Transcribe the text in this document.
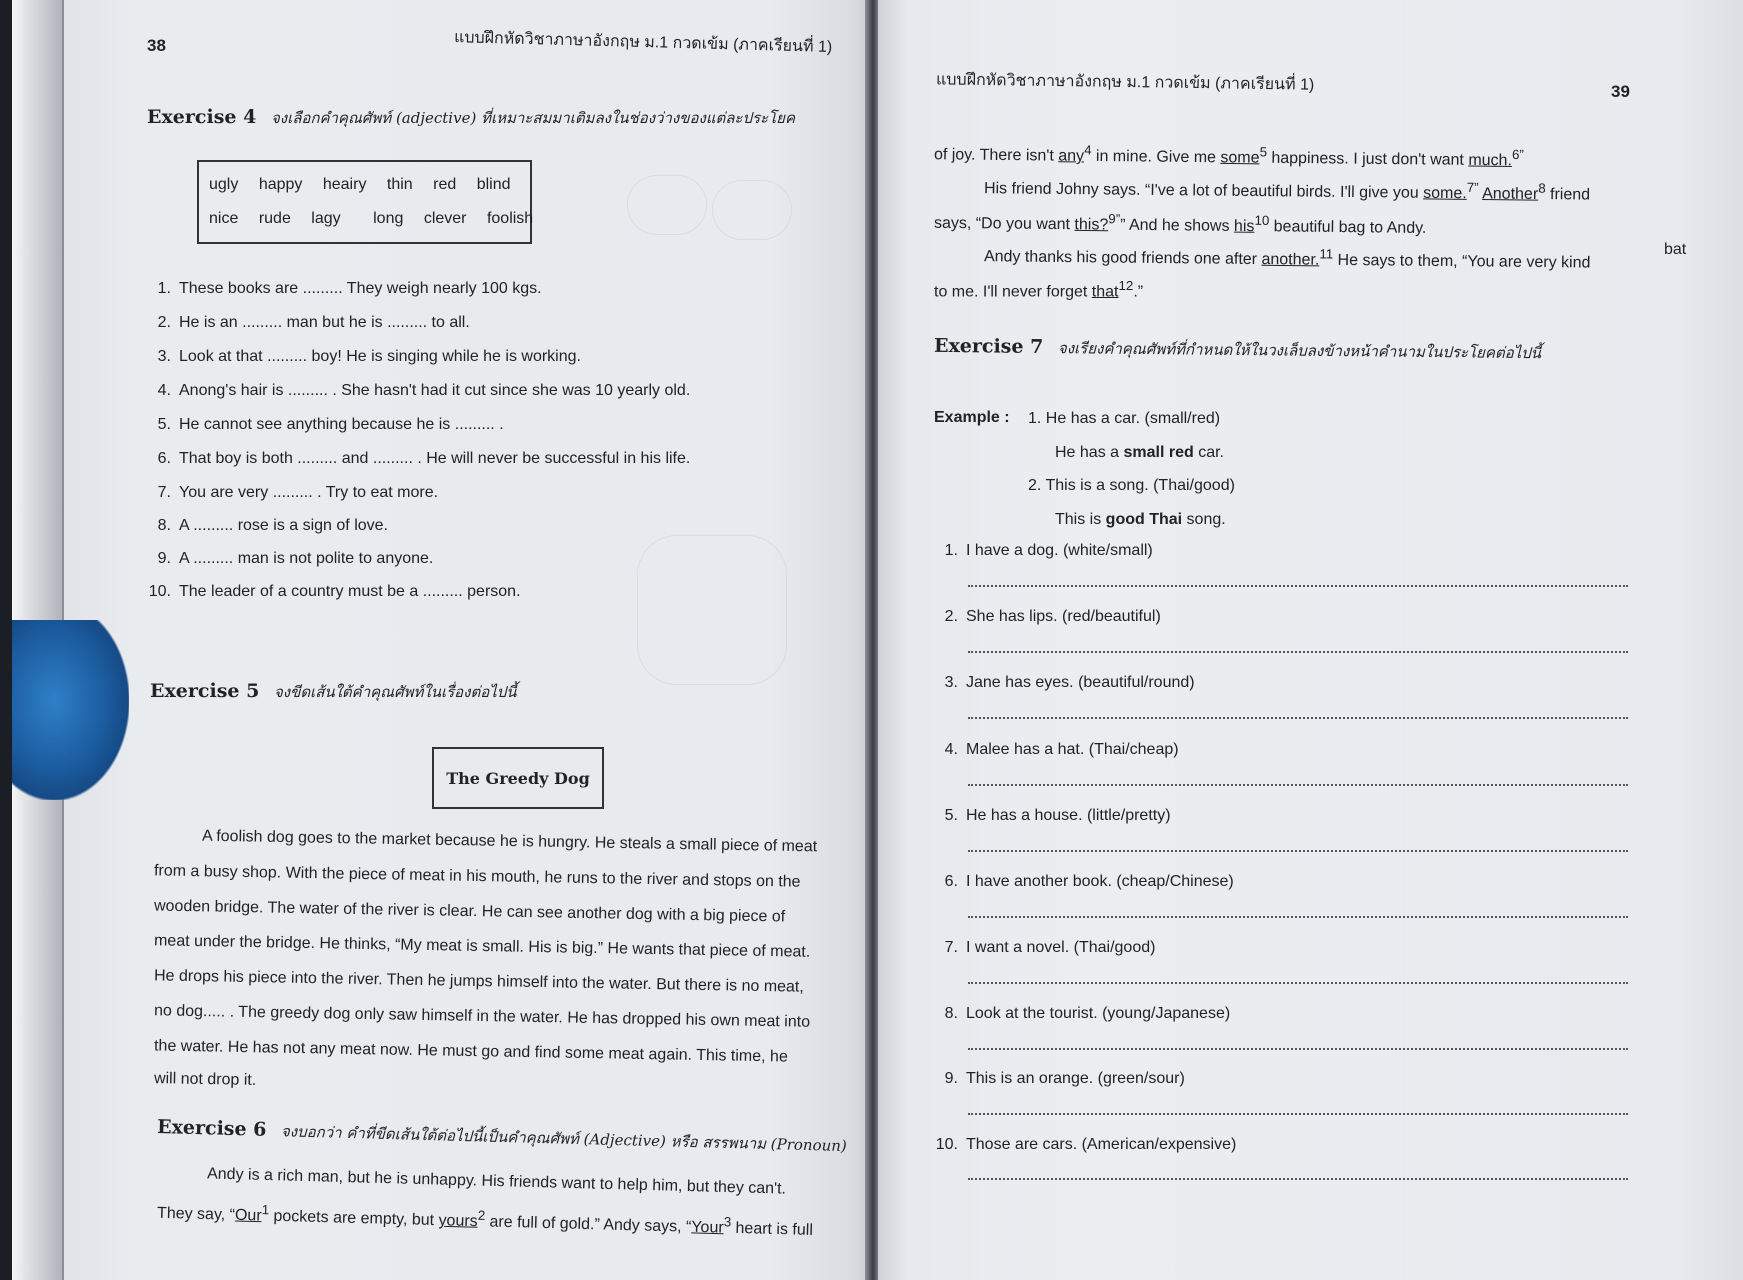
38	แบบฝึกหัดวิชาภาษาอังกฤษ ม.1 กวดเข้ม (ภาคเรียนที่ 1)
Exercise 4 จงเลือกคำคุณศัพท์ (adjective) ที่เหมาะสมมาเติมลงในช่องว่างของแต่ละประโยค
ugly happy heairy thin red blind
nice rude lagy long clever foolish
1. These books are ......... They weigh nearly 100 kgs.
2. He is an ......... man but he is ......... to all.
3. Look at that ......... boy! He is singing while he is working.
4. Anong's hair is ......... . She hasn't had it cut since she was 10 yearly old.
5. He cannot see anything because he is ......... .
6. That boy is both ......... and ......... . He will never be successful in his life.
7. You are very ......... . Try to eat more.
8. A ......... rose is a sign of love.
9. A ......... man is not polite to anyone.
10. The leader of a country must be a ......... person.
Exercise 5 จงขีดเส้นใต้คำคุณศัพท์ในเรื่องต่อไปนี้
The Greedy Dog
A foolish dog goes to the market because he is hungry. He steals a small piece of meat
from a busy shop. With the piece of meat in his mouth, he runs to the river and stops on the
wooden bridge. The water of the river is clear. He can see another dog with a big piece of
meat under the bridge. He thinks, “My meat is small. His is big.” He wants that piece of meat.
He drops his piece into the river. Then he jumps himself into the water. But there is no meat,
no dog..... . The greedy dog only saw himself in the water. He has dropped his own meat into
the water. He has not any meat now. He must go and find some meat again. This time, he
will not drop it.
Exercise 6 จงบอกว่า คำที่ขีดเส้นใต้ต่อไปนี้เป็นคำคุณศัพท์ (Adjective) หรือ สรรพนาม (Pronoun)
Andy is a rich man, but he is unhappy. His friends want to help him, but they can't.
They say, “Our$^1$ pockets are empty, but yours$^2$ are full of gold.” Andy says, “Your$^3$ heart is full
แบบฝึกหัดวิชาภาษาอังกฤษ ม.1 กวดเข้ม (ภาคเรียนที่ 1)	39
of joy. There isn't any$^4$ in mine. Give me some$^5$ happiness. I just don't want much.$^{6”}$
His friend Johny says. “I've a lot of beautiful birds. I'll give you some.$^{7”}$ Another$^8$ friend
says, “Do you want this?$^{9”}$” And he shows his$^{10}$ beautiful bag to Andy.
Andy thanks his good friends one after another.$^{11}$ He says to them, “You are very kind
to me. I'll never forget that$^{12}$.”
bat
Exercise 7 จงเรียงคำคุณศัพท์ที่กำหนดให้ในวงเล็บลงข้างหน้าคำนามในประโยคต่อไปนี้
Example : 1. He has a car. (small/red)
He has a small red car.
2. This is a song. (Thai/good)
This is good Thai song.
1. I have a dog. (white/small)
2. She has lips. (red/beautiful)
3. Jane has eyes. (beautiful/round)
4. Malee has a hat. (Thai/cheap)
5. He has a house. (little/pretty)
6. I have another book. (cheap/Chinese)
7. I want a novel. (Thai/good)
8. Look at the tourist. (young/Japanese)
9. This is an orange. (green/sour)
10. Those are cars. (American/expensive)
